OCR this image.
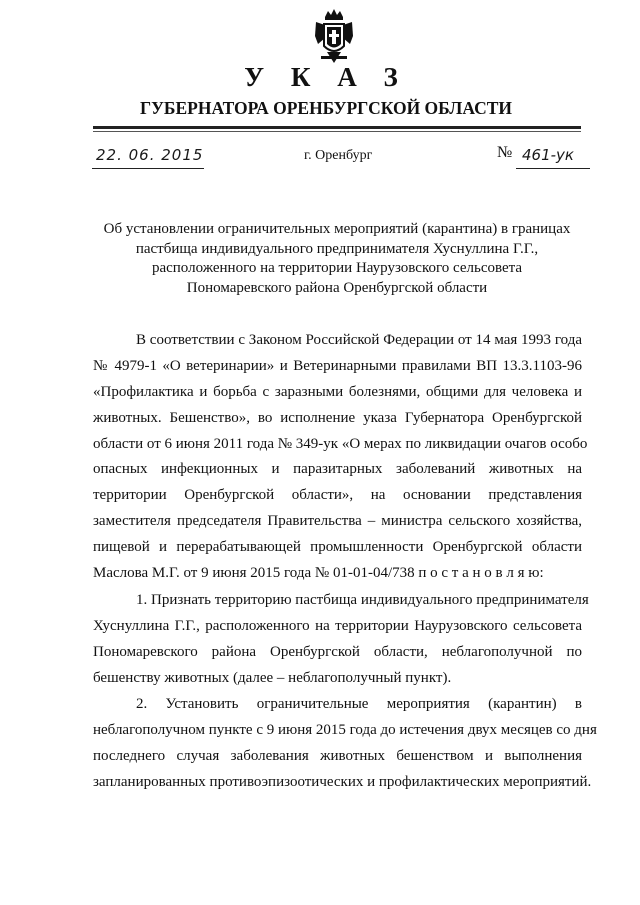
У К А З
ГУБЕРНАТОРА ОРЕНБУРГСКОЙ ОБЛАСТИ
22. 06. 2015	г. Оренбург	№ 461-ук
Об установлении ограничительных мероприятий (карантина) в границах
пастбища индивидуального предпринимателя Хуснуллина Г.Г.,
расположенного на территории Наурузовского сельсовета
Пономаревского района Оренбургской области
В соответствии с Законом Российской Федерации от 14 мая 1993 года
№ 4979-1 «О ветеринарии» и Ветеринарными правилами ВП 13.3.1103-96
«Профилактика и борьба с заразными болезнями, общими для человека и
животных. Бешенство», во исполнение указа Губернатора Оренбургской
области от 6 июня 2011 года № 349-ук «О мерах по ликвидации очагов особо
опасных инфекционных и паразитарных заболеваний животных на
территории Оренбургской области», на основании представления
заместителя председателя Правительства – министра сельского хозяйства,
пищевой и перерабатывающей промышленности Оренбургской области
Маслова М.Г. от 9 июня 2015 года № 01-01-04/738 п о с т а н о в л я ю:
1. Признать территорию пастбища индивидуального предпринимателя
Хуснуллина Г.Г., расположенного на территории Наурузовского сельсовета
Пономаревского района Оренбургской области, неблагополучной по
бешенству животных (далее – неблагополучный пункт).
2. Установить ограничительные мероприятия (карантин) в
неблагополучном пункте с 9 июня 2015 года до истечения двух месяцев со дня
последнего случая заболевания животных бешенством и выполнения
запланированных противоэпизоотических и профилактических мероприятий.
